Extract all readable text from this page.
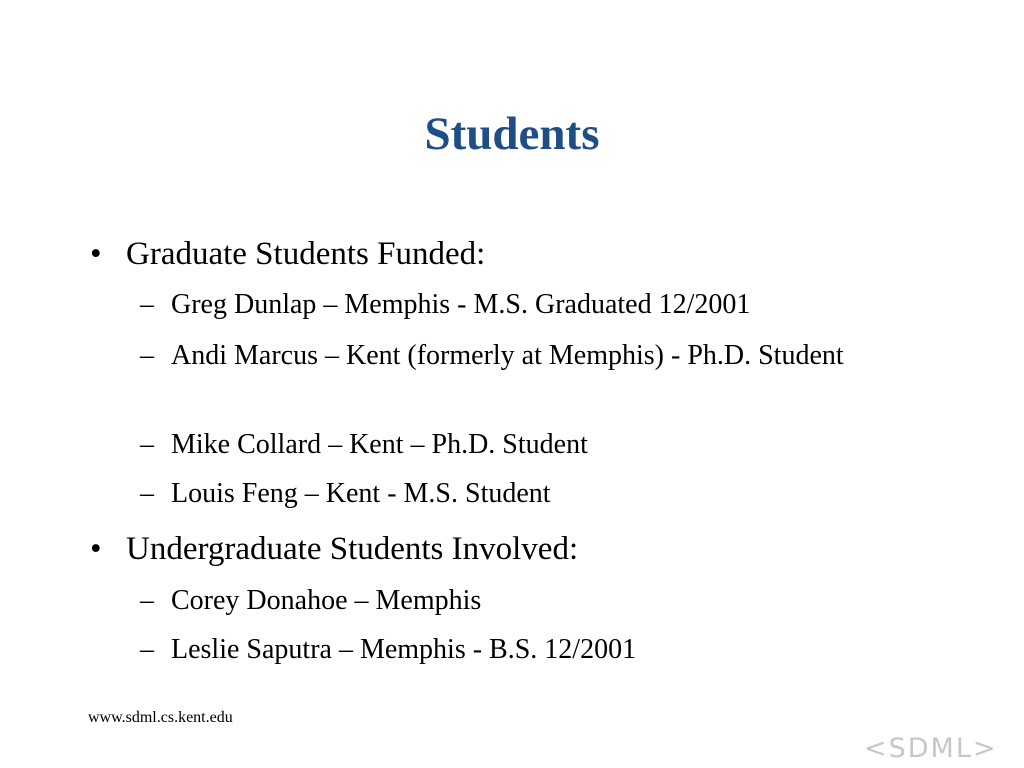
Students
• Graduate Students Funded:
– Greg Dunlap – Memphis - M.S. Graduated 12/2001
– Andi Marcus – Kent (formerly at Memphis) - Ph.D. Student
– Mike Collard – Kent – Ph.D. Student
– Louis Feng – Kent - M.S. Student
• Undergraduate Students Involved:
– Corey Donahoe – Memphis
– Leslie Saputra – Memphis - B.S. 12/2001
www.sdml.cs.kent.edu
<SDML>
